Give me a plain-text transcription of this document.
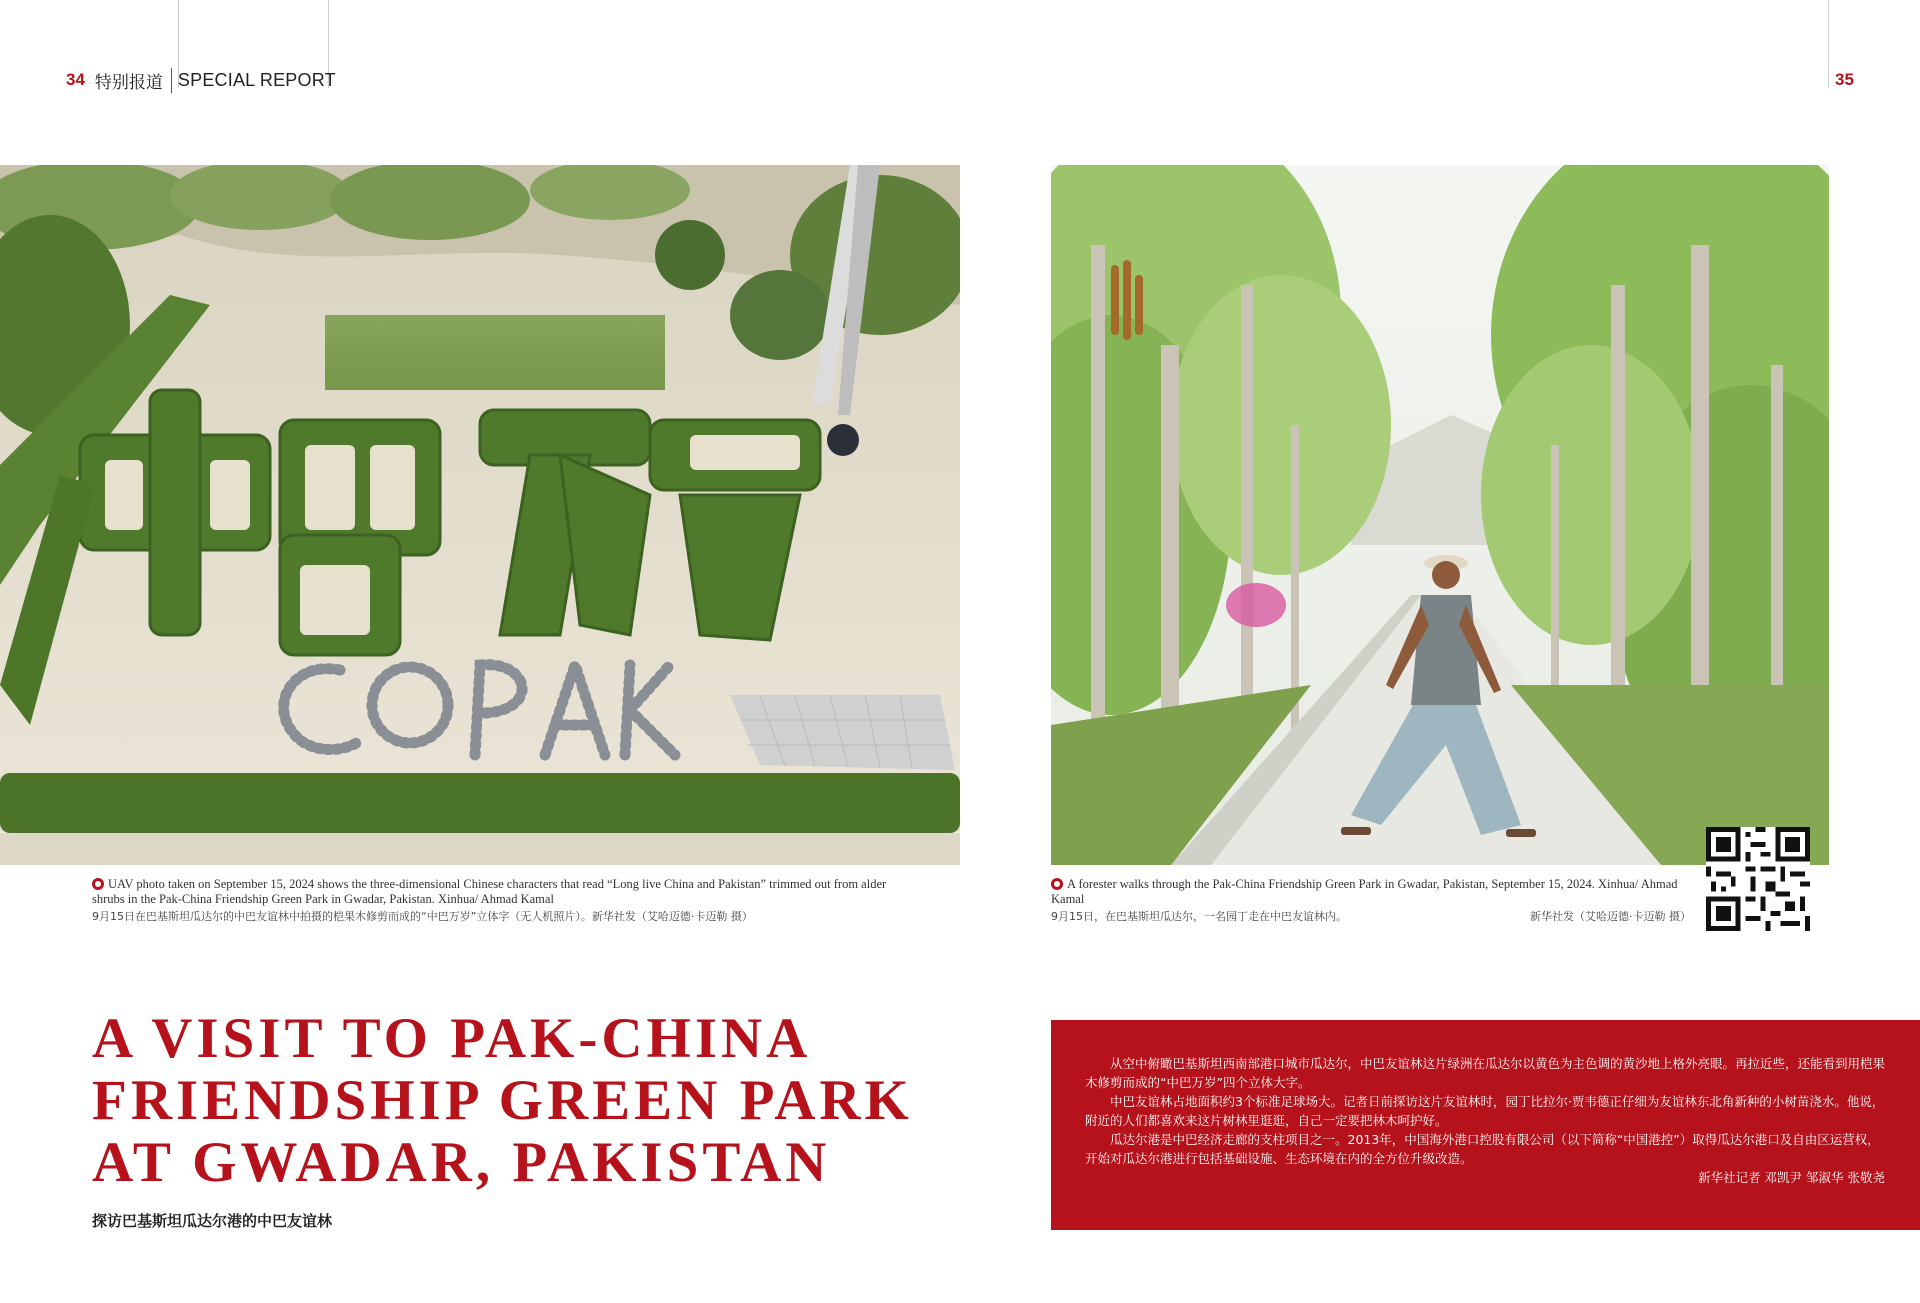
34 特别报道 SPECIAL REPORT	35
UAV photo taken on September 15, 2024 shows the three-dimensional Chinese characters that read “Long live China and Pakistan” trimmed out from alder shrubs in the Pak-China Friendship Green Park in Gwadar, Pakistan. Xinhua/ Ahmad Kamal
9月15日在巴基斯坦瓜达尔的中巴友谊林中拍摄的桤果木修剪而成的“中巴万岁”立体字（无人机照片）。新华社发（艾哈迈德·卡迈勒 摄）
A forester walks through the Pak-China Friendship Green Park in Gwadar, Pakistan, September 15, 2024. Xinhua/ Ahmad Kamal
9月15日，在巴基斯坦瓜达尔，一名园丁走在中巴友谊林内。	新华社发（艾哈迈德·卡迈勒 摄）
A VISIT TO PAK-CHINA
FRIENDSHIP GREEN PARK
AT GWADAR, PAKISTAN
探访巴基斯坦瓜达尔港的中巴友谊林

从空中俯瞰巴基斯坦西南部港口城市瓜达尔，中巴友谊林这片绿洲在瓜达尔以黄色为主色调的黄沙地上格外亮眼。再拉近些，还能看到用桤果木修剪而成的“中巴万岁”四个立体大字。

中巴友谊林占地面积约3个标准足球场大。记者日前探访这片友谊林时，园丁比拉尔·贾韦德正仔细为友谊林东北角新种的小树苗浇水。他说，附近的人们都喜欢来这片树林里逛逛，自己一定要把林木呵护好。

瓜达尔港是中巴经济走廊的支柱项目之一。2013年，中国海外港口控股有限公司（以下简称“中国港控”）取得瓜达尔港口及自由区运营权，开始对瓜达尔港进行包括基础设施、生态环境在内的全方位升级改造。

新华社记者 邓凯尹 邹淑华 张敬尧
